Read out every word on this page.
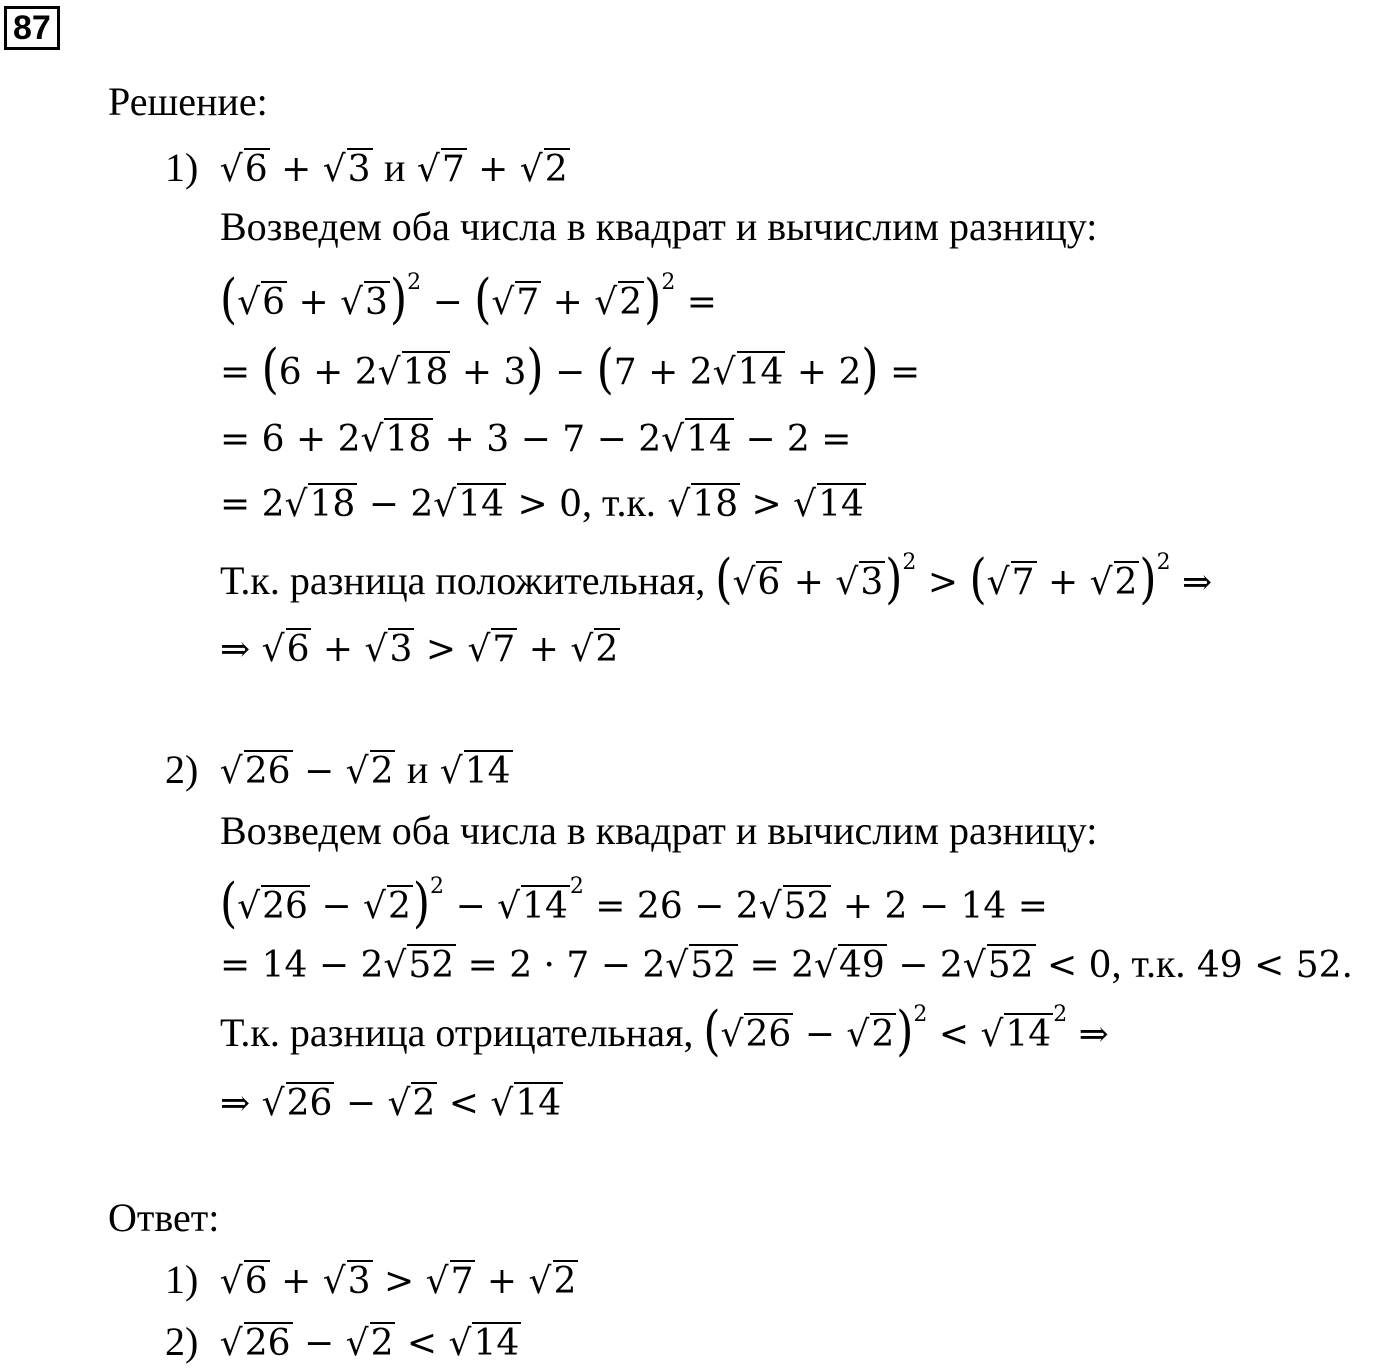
87
Решение:
1) √6 + √3 и √7 + √2
Возведем оба числа в квадрат и вычислим разницу:
$(√6 + √3)^2 - (√7 + √2)^2$ =
= (6 + 2√18 + 3) − (7 + 2√14 + 2) =
= 6 + 2√18 + 3 − 7 − 2√14 − 2 =
= 2√18 − 2√14 > 0, т.к. √18 > √14
Т.к. разница положительная, $(√6 + √3)^2 > (√7 + √2)^2$ ⇒
⇒ √6 + √3 > √7 + √2
2) √26 − √2 и √14
Возведем оба числа в квадрат и вычислим разницу:
$(√26 - √2)^2 - √14^2 = 26 - 2√52 + 2 - 14$ =
= 14 − 2√52 = 2 · 7 − 2√52 = 2√49 − 2√52 < 0, т.к. 49 < 52.
Т.к. разница отрицательная, $(√26 - √2)^2 < √14^2$ ⇒
⇒ √26 − √2 < √14
Ответ:
1) √6 + √3 > √7 + √2
2) √26 − √2 < √14
